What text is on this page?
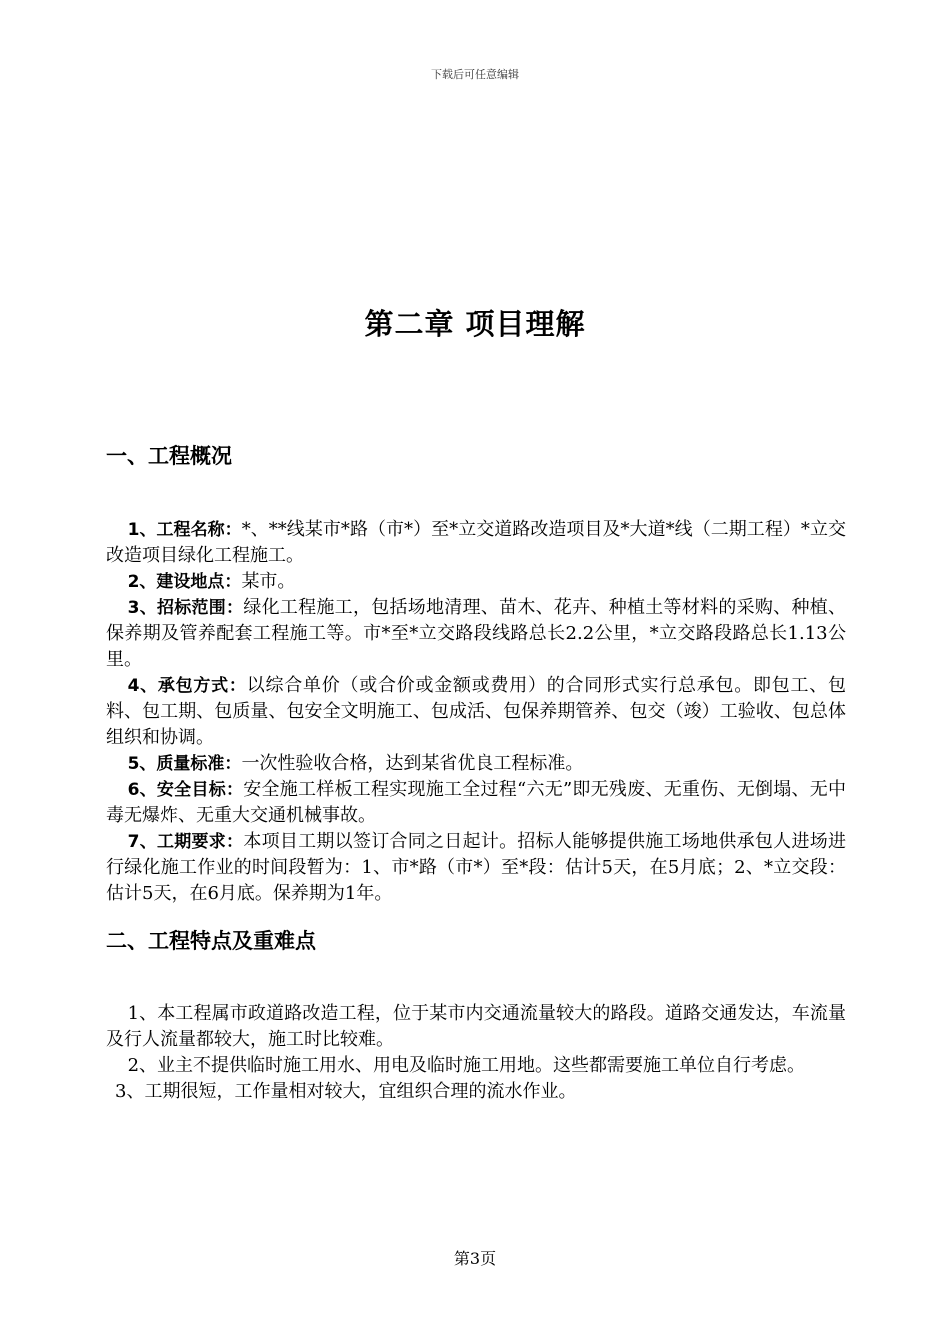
下载后可任意编辑
第二章 项目理解
一、工程概况

1、工程名称：*、**线某市*路（市*）至*立交道路改造项目及*大道*线（二期工程）*立交改造项目绿化工程施工。

2、建设地点：某市。

3、招标范围：绿化工程施工，包括场地清理、苗木、花卉、种植土等材料的采购、种植、保养期及管养配套工程施工等。市*至*立交路段线路总长2.2公里，*立交路段路总长1.13公里。

4、承包方式：以综合单价（或合价或金额或费用）的合同形式实行总承包。即包工、包料、包工期、包质量、包安全文明施工、包成活、包保养期管养、包交（竣）工验收、包总体组织和协调。

5、质量标准：一次性验收合格，达到某省优良工程标准。

6、安全目标：安全施工样板工程实现施工全过程“六无”即无残废、无重伤、无倒塌、无中毒无爆炸、无重大交通机械事故。

7、工期要求：本项目工期以签订合同之日起计。招标人能够提供施工场地供承包人进场进行绿化施工作业的时间段暂为：1、市*路（市*）至*段：估计5天，在5月底；2、*立交段：估计5天，在6月底。保养期为1年。

二、工程特点及重难点

1、本工程属市政道路改造工程，位于某市内交通流量较大的路段。道路交通发达，车流量及行人流量都较大，施工时比较难。

2、业主不提供临时施工用水、用电及临时施工用地。这些都需要施工单位自行考虑。

3、工期很短，工作量相对较大，宜组织合理的流水作业。

第3页
